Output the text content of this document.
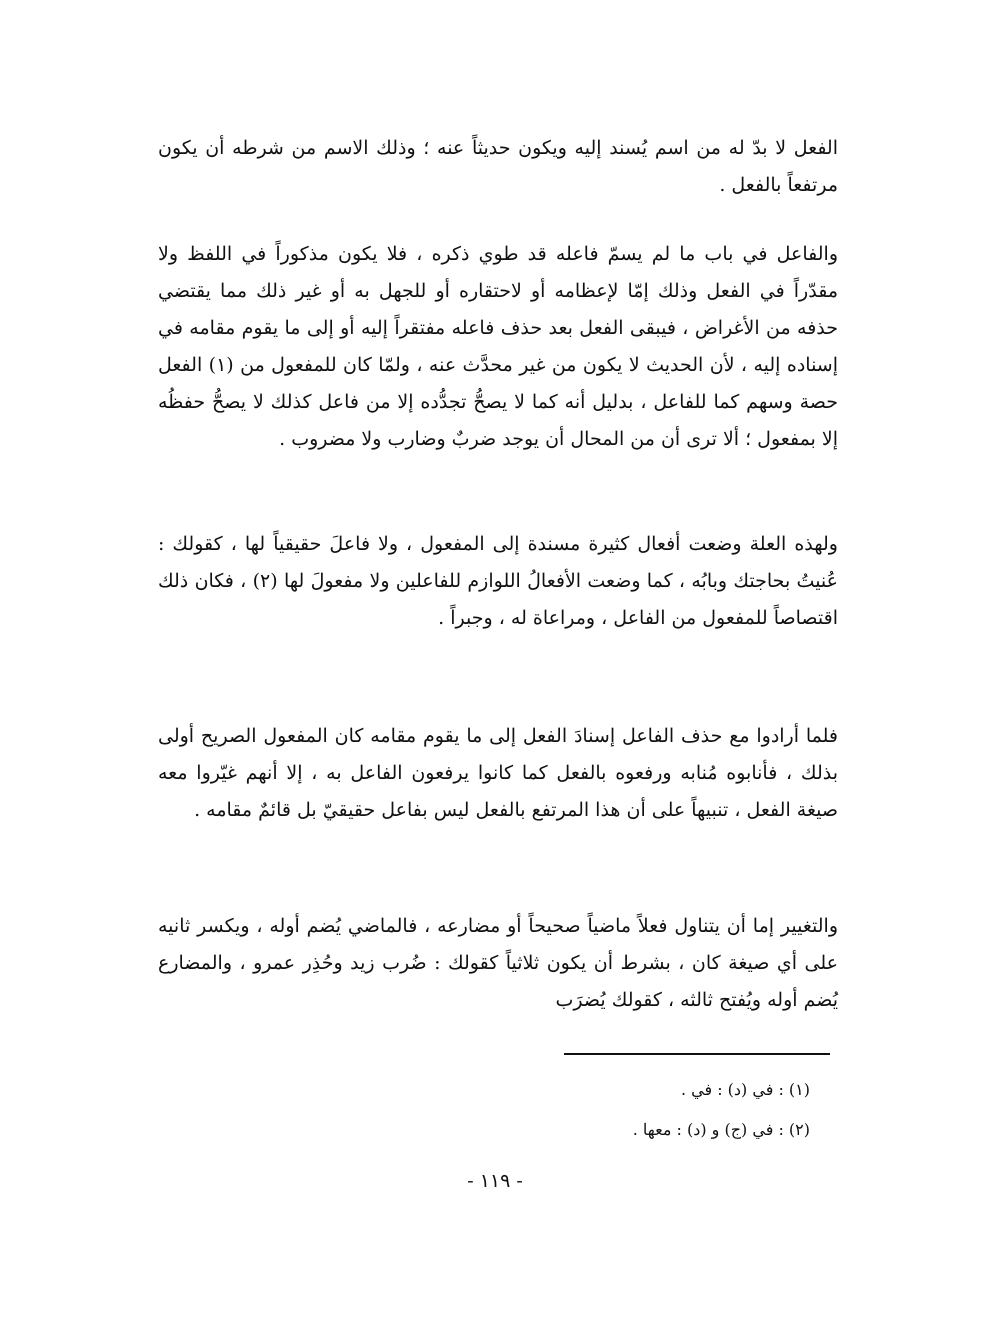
الفعل لا بدّ له من اسم يُسند إليه ويكون حديثاً عنه ؛ وذلك الاسم من شرطه أن يكون مرتفعاً بالفعل .

والفاعل في باب ما لم يسمّ فاعله قد طوي ذكره ، فلا يكون مذكوراً في اللفظ ولا مقدّراً في الفعل وذلك إمّا لإعظامه أو لاحتقاره أو للجهل به أو غير ذلك مما يقتضي حذفه من الأغراض ، فيبقى الفعل بعد حذف فاعله مفتقراً إليه أو إلى ما يقوم مقامه في إسناده إليه ، لأن الحديث لا يكون من غير محدَّث عنه ، ولمّا كان للمفعول من (١) الفعل حصة وسهم كما للفاعل ، بدليل أنه كما لا يصحُّ تجدُّده إلا من فاعل كذلك لا يصحُّ حفظُه إلا بمفعول ؛ ألا ترى أن من المحال أن يوجد ضربٌ وضارب ولا مضروب .

ولهذه العلة وضعت أفعال كثيرة مسندة إلى المفعول ، ولا فاعلَ حقيقياً لها ، كقولك : عُنيتُ بحاجتك وبابُه ، كما وضعت الأفعالُ اللوازم للفاعلين ولا مفعولَ لها (٢) ، فكان ذلك اقتصاصاً للمفعول من الفاعل ، ومراعاة له ، وجبراً .

فلما أرادوا مع حذف الفاعل إسنادَ الفعل إلى ما يقوم مقامه كان المفعول الصريح أولى بذلك ، فأنابوه مُنابه ورفعوه بالفعل كما كانوا يرفعون الفاعل به ، إلا أنهم غيّروا معه صيغة الفعل ، تنبيهاً على أن هذا المرتفع بالفعل ليس بفاعل حقيقيّ بل قائمٌ مقامه .

والتغيير إما أن يتناول فعلاً ماضياً صحيحاً أو مضارعه ، فالماضي يُضم أوله ، ويكسر ثانيه على أي صيغة كان ، بشرط أن يكون ثلاثياً كقولك : ضُرب زيد وحُذِر عمرو ، والمضارع يُضم أوله ويُفتح ثالثه ، كقولك يُضرَب

(١) : في (د) : في .
(٢) : في (ج) و (د) : معها .
- ١١٩ -
